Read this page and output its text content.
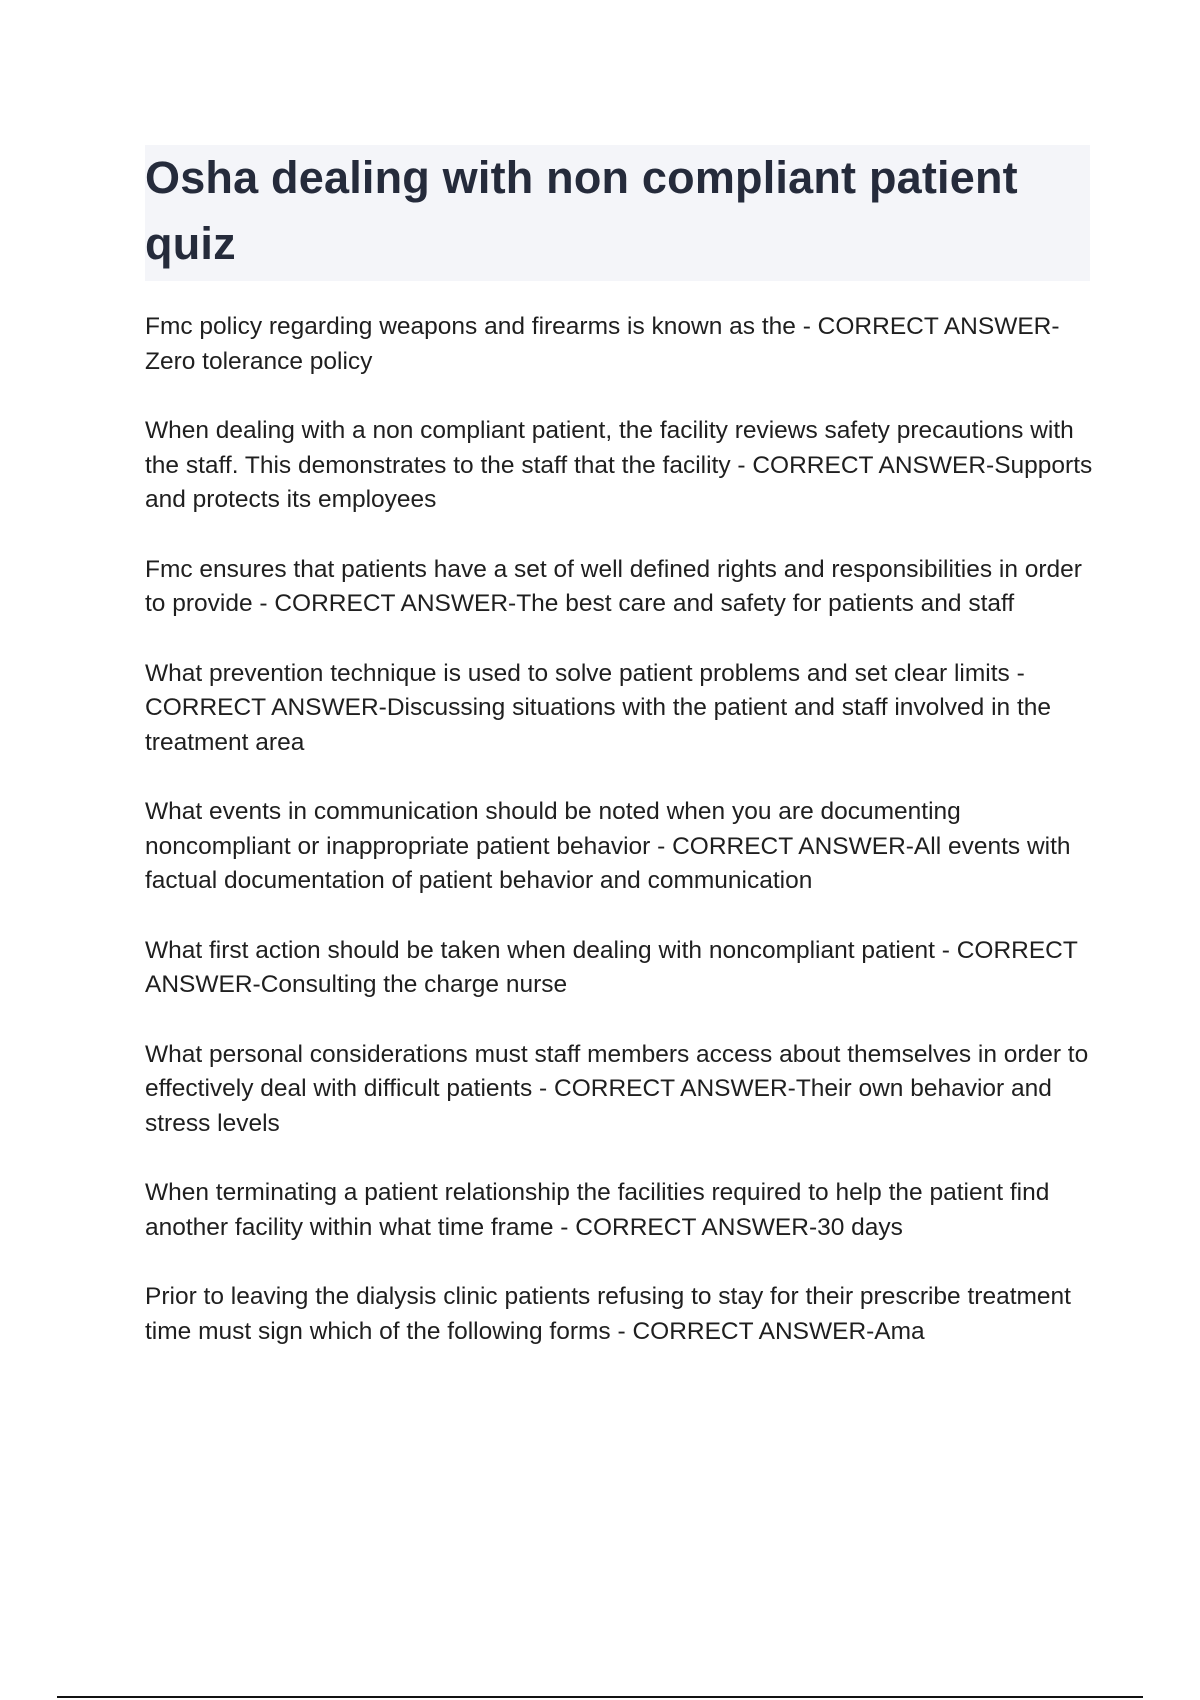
Osha dealing with non compliant patient quiz

Fmc policy regarding weapons and firearms is known as the - CORRECT ANSWER-Zero tolerance policy

When dealing with a non compliant patient, the facility reviews safety precautions with the staff. This demonstrates to the staff that the facility - CORRECT ANSWER-Supports and protects its employees

Fmc ensures that patients have a set of well defined rights and responsibilities in order to provide - CORRECT ANSWER-The best care and safety for patients and staff

What prevention technique is used to solve patient problems and set clear limits - CORRECT ANSWER-Discussing situations with the patient and staff involved in the treatment area

What events in communication should be noted when you are documenting noncompliant or inappropriate patient behavior - CORRECT ANSWER-All events with factual documentation of patient behavior and communication

What first action should be taken when dealing with noncompliant patient - CORRECT ANSWER-Consulting the charge nurse

What personal considerations must staff members access about themselves in order to effectively deal with difficult patients - CORRECT ANSWER-Their own behavior and stress levels

When terminating a patient relationship the facilities required to help the patient find another facility within what time frame - CORRECT ANSWER-30 days

Prior to leaving the dialysis clinic patients refusing to stay for their prescribe treatment time must sign which of the following forms - CORRECT ANSWER-Ama
